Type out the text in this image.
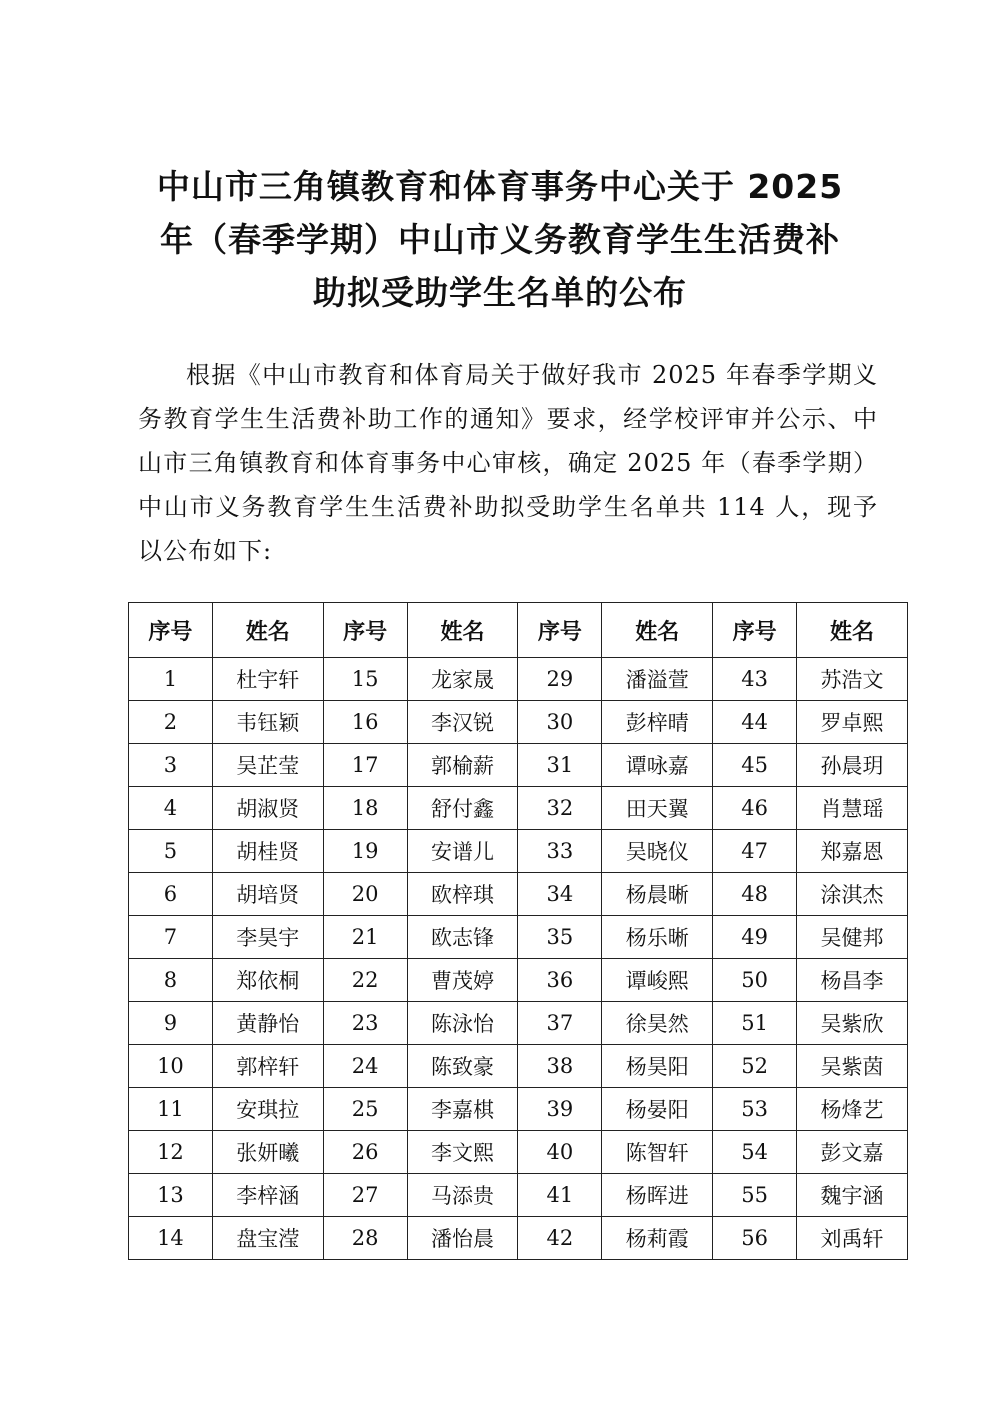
中山市三角镇教育和体育事务中心关于 2025
年（春季学期）中山市义务教育学生生活费补
助拟受助学生名单的公布

根据《中山市教育和体育局关于做好我市 2025 年春季学期义务教育学生生活费补助工作的通知》要求，经学校评审并公示、中山市三角镇教育和体育事务中心审核，确定 2025 年（春季学期）中山市义务教育学生生活费补助拟受助学生名单共 114 人，现予以公布如下:

序号	姓名	序号	姓名	序号	姓名	序号	姓名
1	杜宇轩	15	龙家晟	29	潘溢萱	43	苏浩文
2	韦钰颖	16	李汉锐	30	彭梓晴	44	罗卓熙
3	吴芷莹	17	郭榆薪	31	谭咏嘉	45	孙晨玥
4	胡淑贤	18	舒付鑫	32	田天翼	46	肖慧瑶
5	胡桂贤	19	安谱儿	33	吴晓仪	47	郑嘉恩
6	胡培贤	20	欧梓琪	34	杨晨晰	48	涂淇杰
7	李昊宇	21	欧志锋	35	杨乐晰	49	吴健邦
8	郑依桐	22	曹茂婷	36	谭峻熙	50	杨昌李
9	黄静怡	23	陈泳怡	37	徐昊然	51	吴紫欣
10	郭梓轩	24	陈致豪	38	杨昊阳	52	吴紫茵
11	安琪拉	25	李嘉棋	39	杨晏阳	53	杨烽艺
12	张妍曦	26	李文熙	40	陈智轩	54	彭文嘉
13	李梓涵	27	马添贵	41	杨晖进	55	魏宇涵
14	盘宝滢	28	潘怡晨	42	杨莉霞	56	刘禹轩
